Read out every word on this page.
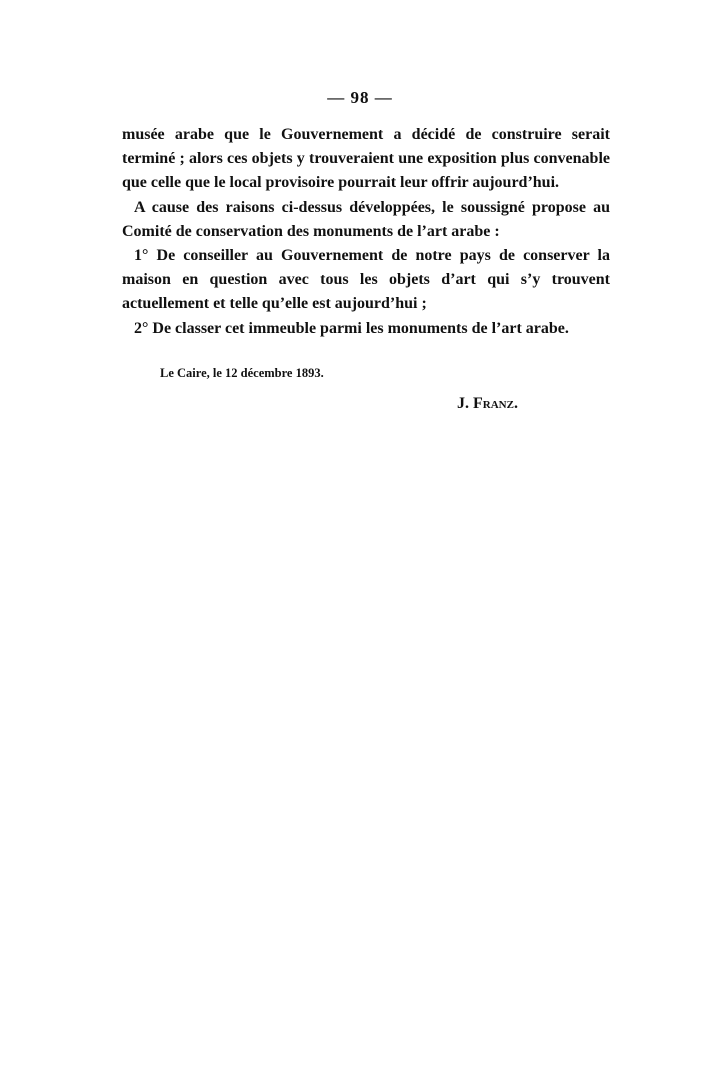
— 98 —

musée arabe que le Gouvernement a décidé de construire serait terminé ; alors ces objets y trouveraient une exposition plus convenable que celle que le local provisoire pourrait leur offrir aujourd’hui.

A cause des raisons ci-dessus développées, le soussigné propose au Comité de conservation des monuments de l’art arabe :

1° De conseiller au Gouvernement de notre pays de conserver la maison en question avec tous les objets d’art qui s’y trouvent actuellement et telle qu’elle est aujourd’hui ;

2° De classer cet immeuble parmi les monuments de l’art arabe.

Le Caire, le 12 décembre 1893.
J. Franz.
